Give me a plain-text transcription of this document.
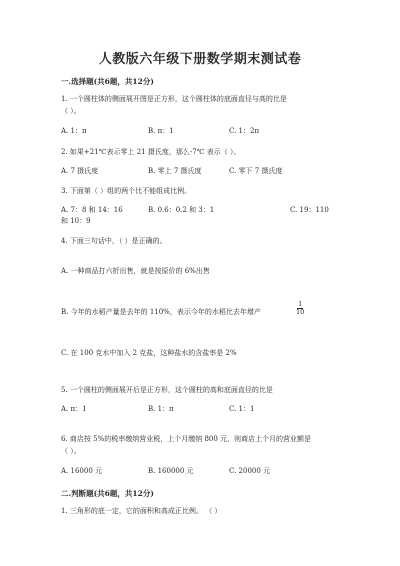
人教版六年级下册数学期末测试卷
一.选择题(共6题，共12分)
1. 一个圆柱体的侧面展开图是正方形，这个圆柱体的底面直径与高的比是
（ ）。
A. 1：π	B. π：1	C. 1：2π
2. 如果+21℃表示零上 21 摄氏度，那么-7℃ 表示（ ）。
A. 7 摄氏度	B. 零上 7 摄氏度	C. 零下 7 摄氏度
3. 下面第（ ）组的两个比不能组成比例。
A. 7：8 和 14：16	B. 0.6：0.2 和 3：1	C. 19：110
和 10：9
4. 下面三句话中，（ ）是正确的。
A. 一种商品打六折出售，就是按原价的 6%出售
B. 今年的水稻产量是去年的 110%，表示今年的水稻比去年增产	$\frac{1}{10}$
C. 在 100 克水中加入 2 克盐，这种盐水的含盐率是 2%
5. 一个圆柱的侧面展开后是正方形，这个圆柱的高和底面直径的比是
A. π：1	B. 1：π	C. 1：1
6. 商店按 5%的税率缴纳营业税，上个月缴纳 800 元，则商店上个月的营业额是
（ ）。
A. 16000 元	B. 160000 元	C. 20000 元
二.判断题(共6题，共12分)
1. 三角形的底一定，它的面积和高成正比例。 （ ）
